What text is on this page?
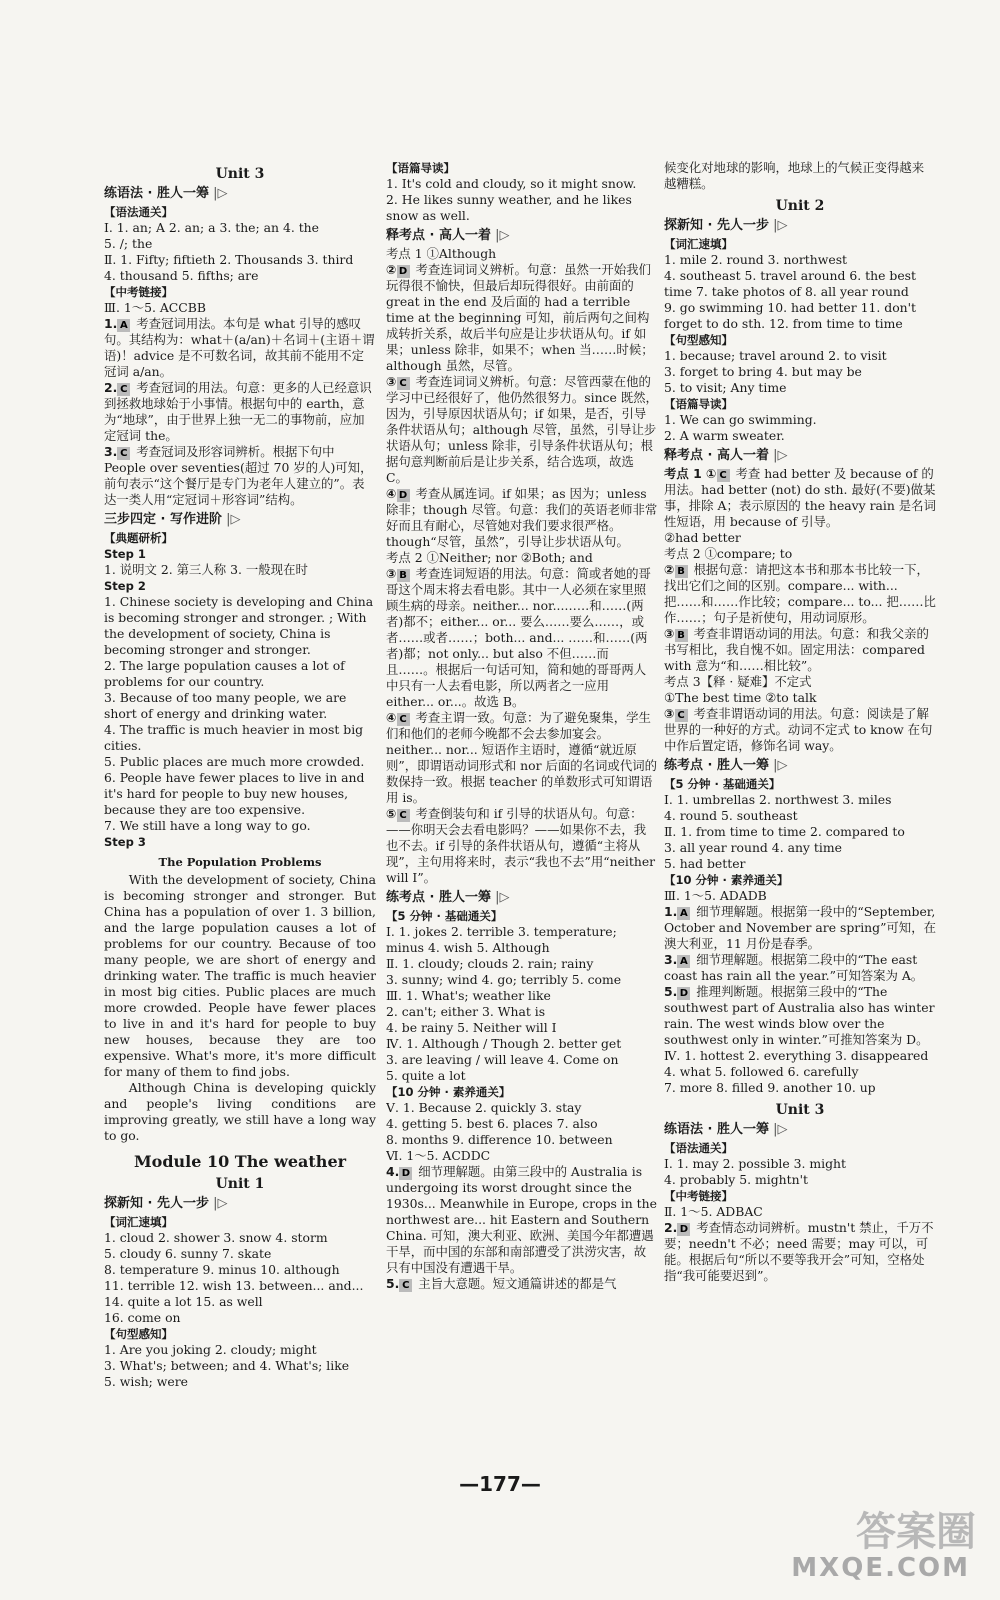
Unit 3
练语法 · 胜人一筹 |▷
【语法通关】
Ⅰ. 1. an; A 2. an; a 3. the; an 4. the
5. /; the
Ⅱ. 1. Fifty; fiftieth 2. Thousands 3. third
4. thousand 5. fifths; are
【中考链接】
Ⅲ. 1～5. ACCBB
1. A 考查冠词用法。本句是 what 引导的感叹句。其结构为：what＋(a/an)＋名词＋(主语＋谓语)！advice 是不可数名词，故其前不能用不定冠词 a/an。
2. C 考查冠词的用法。句意：更多的人已经意识到拯救地球始于小事情。根据句中的 earth，意为“地球”，由于世界上独一无二的事物前，应加定冠词 the。
3. C 考查冠词及形容词辨析。根据下句中 People over seventies(超过 70 岁的人)可知，前句表示“这个餐厅是专门为老年人建立的”。表达一类人用“定冠词＋形容词”结构。
三步四定 · 写作进阶 |▷
【典题研析】
Step 1
1. 说明文 2. 第三人称 3. 一般现在时
Step 2
1. Chinese society is developing and China is becoming stronger and stronger. ; With the development of society, China is becoming stronger and stronger.
2. The large population causes a lot of problems for our country.
3. Because of too many people, we are short of energy and drinking water.
4. The traffic is much heavier in most big cities.
5. Public places are much more crowded.
6. People have fewer places to live in and it's hard for people to buy new houses, because they are too expensive.
7. We still have a long way to go.
Step 3
The Population Problems
With the development of society, China is becoming stronger and stronger. But China has a population of over 1. 3 billion, and the large population causes a lot of problems for our country. Because of too many people, we are short of energy and drinking water. The traffic is much heavier in most big cities. Public places are much more crowded. People have fewer places to live in and it's hard for people to buy new houses, because they are too expensive. What's more, it's more difficult for many of them to find jobs.
Although China is developing quickly and people's living conditions are improving greatly, we still have a long way to go.
Module 10 The weather
Unit 1
探新知 · 先人一步 |▷
【词汇速填】
1. cloud 2. shower 3. snow 4. storm
5. cloudy 6. sunny 7. skate
8. temperature 9. minus 10. although
11. terrible 12. wish 13. between... and... 14. quite a lot 15. as well
16. come on
【句型感知】
1. Are you joking 2. cloudy; might
3. What's; between; and 4. What's; like
5. wish; were
【语篇导读】
1. It's cold and cloudy, so it might snow.
2. He likes sunny weather, and he likes snow as well.
释考点 · 高人一着 |▷
考点 1 ①Although
② D 考查连词词义辨析。句意：虽然一开始我们玩得很不愉快，但最后却玩得很好。由前面的 great in the end 及后面的 had a terrible time at the beginning 可知，前后两句之间构成转折关系，故后半句应是让步状语从句。if 如果；unless 除非，如果不；when 当……时候；although 虽然，尽管。
③ C 考查连词词义辨析。句意：尽管西蒙在他的学习中已经很好了，他仍然很努力。since 既然，因为，引导原因状语从句；if 如果，是否，引导条件状语从句；although 尽管，虽然，引导让步状语从句；unless 除非，引导条件状语从句；根据句意判断前后是让步关系，结合选项，故选 C。
④ D 考查从属连词。if 如果；as 因为；unless 除非；though 尽管。句意：我们的英语老师非常好而且有耐心，尽管她对我们要求很严格。though“尽管，虽然”，引导让步状语从句。
考点 2 ①Neither; nor ②Both; and
③ B 考查连词短语的用法。句意：简或者她的哥哥这个周末将去看电影。其中一人必须在家里照顾生病的母亲。neither... nor...……和……(两者)都不；either... or... 要么……要么……，或者……或者……；both... and... ……和……(两者)都；not only... but also 不但……而且……。根据后一句话可知，简和她的哥哥两人中只有一人去看电影，所以两者之一应用 either... or...。故选 B。
④ C 考查主谓一致。句意：为了避免聚集，学生们和他们的老师今晚都不会去参加宴会。neither... nor... 短语作主语时，遵循“就近原则”，即谓语动词形式和 nor 后面的名词或代词的数保持一致。根据 teacher 的单数形式可知谓语用 is。
⑤ C 考查倒装句和 if 引导的状语从句。句意：——你明天会去看电影吗？——如果你不去，我也不去。if 引导的条件状语从句，遵循“主将从现”，主句用将来时，表示“我也不去”用“neither will I”。
练考点 · 胜人一筹 |▷
【5 分钟 · 基础通关】
Ⅰ. 1. jokes 2. terrible 3. temperature; minus 4. wish 5. Although
Ⅱ. 1. cloudy; clouds 2. rain; rainy
3. sunny; wind 4. go; terribly 5. come
Ⅲ. 1. What's; weather like
2. can't; either 3. What is
4. be rainy 5. Neither will I
Ⅳ. 1. Although / Though 2. better get
3. are leaving / will leave 4. Come on
5. quite a lot
【10 分钟 · 素养通关】
Ⅴ. 1. Because 2. quickly 3. stay
4. getting 5. best 6. places 7. also
8. months 9. difference 10. between
Ⅵ. 1～5. ACDDC
4. D 细节理解题。由第三段中的 Australia is undergoing its worst drought since the 1930s... Meanwhile in Europe, crops in the northwest are... hit Eastern and Southern China. 可知，澳大利亚、欧洲、美国今年都遭遇干旱，而中国的东部和南部遭受了洪涝灾害，故只有中国没有遭遇干旱。
5. C 主旨大意题。短文通篇讲述的都是气
候变化对地球的影响，地球上的气候正变得越来越糟糕。
Unit 2
探新知 · 先人一步 |▷
【词汇速填】
1. mile 2. round 3. northwest
4. southeast 5. travel around 6. the best time 7. take photos of 8. all year round
9. go swimming 10. had better 11. don't forget to do sth. 12. from time to time
【句型感知】
1. because; travel around 2. to visit
3. forget to bring 4. but may be
5. to visit; Any time
【语篇导读】
1. We can go swimming.
2. A warm sweater.
释考点 · 高人一着 |▷
考点 1 ① C 考查 had better 及 because of 的用法。had better (not) do sth. 最好(不要)做某事，排除 A；表示原因的 the heavy rain 是名词性短语，用 because of 引导。
②had better
考点 2 ①compare; to
② B 根据句意：请把这本书和那本书比较一下，找出它们之间的区别。compare... with... 把……和……作比较；compare... to... 把……比作……；句子是祈使句，用动词原形。
③ B 考查非谓语动词的用法。句意：和我父亲的书写相比，我自愧不如。固定用法：compared with 意为“和……相比较”。
考点 3【释 · 疑难】不定式
①The best time ②to talk
③ C 考查非谓语动词的用法。句意：阅读是了解世界的一种好的方式。动词不定式 to know 在句中作后置定语，修饰名词 way。
练考点 · 胜人一筹 |▷
【5 分钟 · 基础通关】
Ⅰ. 1. umbrellas 2. northwest 3. miles
4. round 5. southeast
Ⅱ. 1. from time to time 2. compared to
3. all year round 4. any time
5. had better
【10 分钟 · 素养通关】
Ⅲ. 1～5. ADADB
1. A 细节理解题。根据第一段中的“September, October and November are spring”可知，在澳大利亚，11 月份是春季。
3. A 细节理解题。根据第二段中的“The east coast has rain all the year.”可知答案为 A。
5. D 推理判断题。根据第三段中的“The southwest part of Australia also has winter rain. The west winds blow over the southwest only in winter.”可推知答案为 D。
Ⅳ. 1. hottest 2. everything 3. disappeared
4. what 5. followed 6. carefully
7. more 8. filled 9. another 10. up
Unit 3
练语法 · 胜人一筹 |▷
【语法通关】
Ⅰ. 1. may 2. possible 3. might
4. probably 5. mightn't
【中考链接】
Ⅱ. 1～5. ADBAC
2. D 考查情态动词辨析。mustn't 禁止，千万不要；needn't 不必；need 需要；may 可以，可能。根据后句“所以不要等我开会”可知，空格处指“我可能要迟到”。
—177—
答案圈
MXQE.COM
